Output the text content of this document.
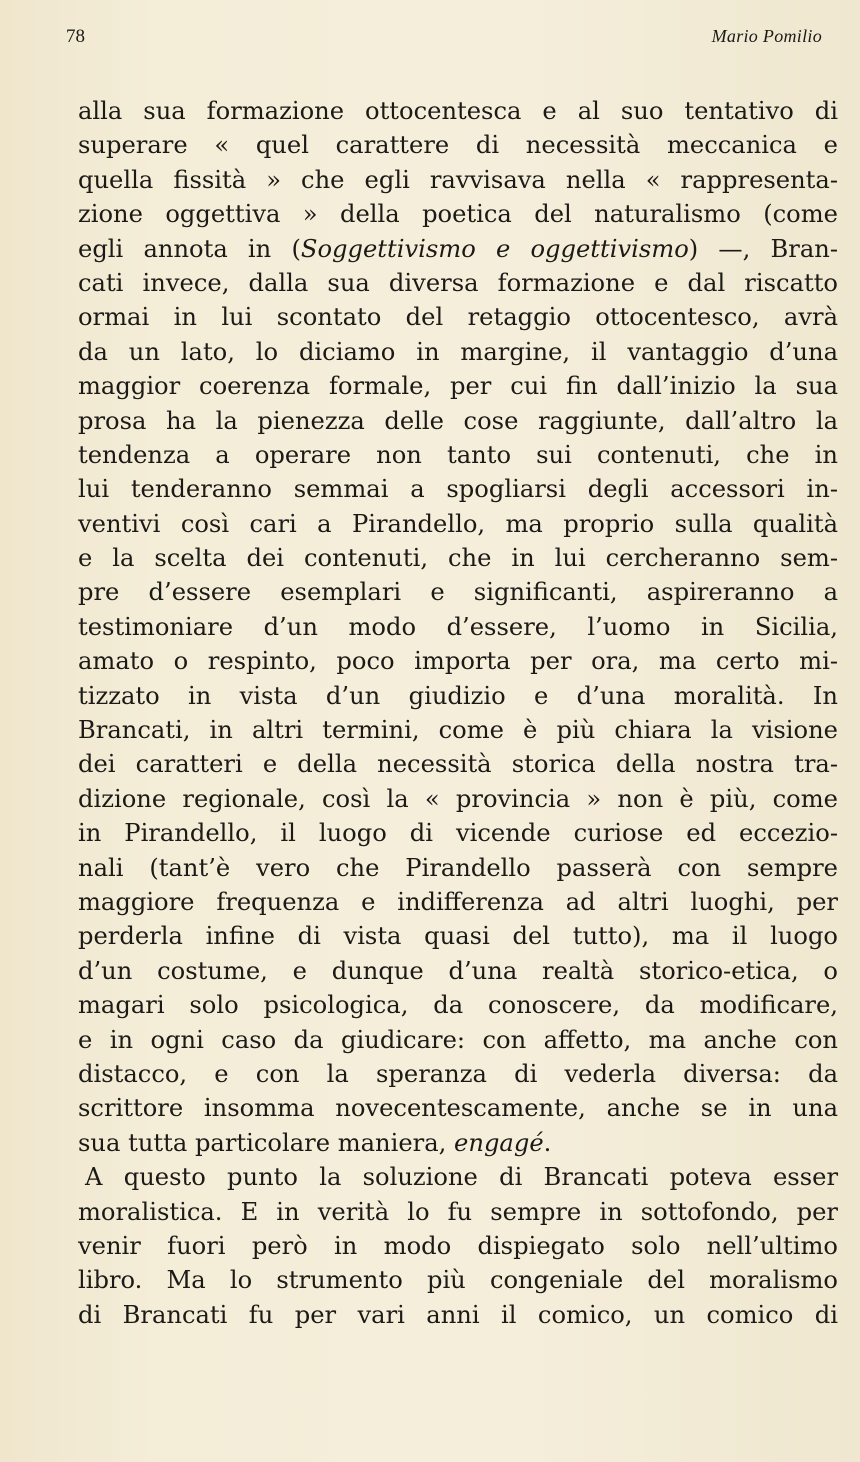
78	Mario Pomilio
alla sua formazione ottocentesca e al suo tentativo di
superare « quel carattere di necessità meccanica e
quella fissità » che egli ravvisava nella « rappresenta-
zione oggettiva » della poetica del naturalismo (come
egli annota in (Soggettivismo e oggettivismo) —, Bran-
cati invece, dalla sua diversa formazione e dal riscatto
ormai in lui scontato del retaggio ottocentesco, avrà
da un lato, lo diciamo in margine, il vantaggio d’una
maggior coerenza formale, per cui fin dall’inizio la sua
prosa ha la pienezza delle cose raggiunte, dall’altro la
tendenza a operare non tanto sui contenuti, che in
lui tenderanno semmai a spogliarsi degli accessori in-
ventivi così cari a Pirandello, ma proprio sulla qualità
e la scelta dei contenuti, che in lui cercheranno sem-
pre d’essere esemplari e significanti, aspireranno a
testimoniare d’un modo d’essere, l’uomo in Sicilia,
amato o respinto, poco importa per ora, ma certo mi-
tizzato in vista d’un giudizio e d’una moralità. In
Brancati, in altri termini, come è più chiara la visione
dei caratteri e della necessità storica della nostra tra-
dizione regionale, così la « provincia » non è più, come
in Pirandello, il luogo di vicende curiose ed eccezio-
nali (tant’è vero che Pirandello passerà con sempre
maggiore frequenza e indifferenza ad altri luoghi, per
perderla infine di vista quasi del tutto), ma il luogo
d’un costume, e dunque d’una realtà storico-etica, o
magari solo psicologica, da conoscere, da modificare,
e in ogni caso da giudicare: con affetto, ma anche con
distacco, e con la speranza di vederla diversa: da
scrittore insomma novecentescamente, anche se in una
sua tutta particolare maniera, engagé.
A questo punto la soluzione di Brancati poteva esser
moralistica. E in verità lo fu sempre in sottofondo, per
venir fuori però in modo dispiegato solo nell’ultimo
libro. Ma lo strumento più congeniale del moralismo
di Brancati fu per vari anni il comico, un comico di
